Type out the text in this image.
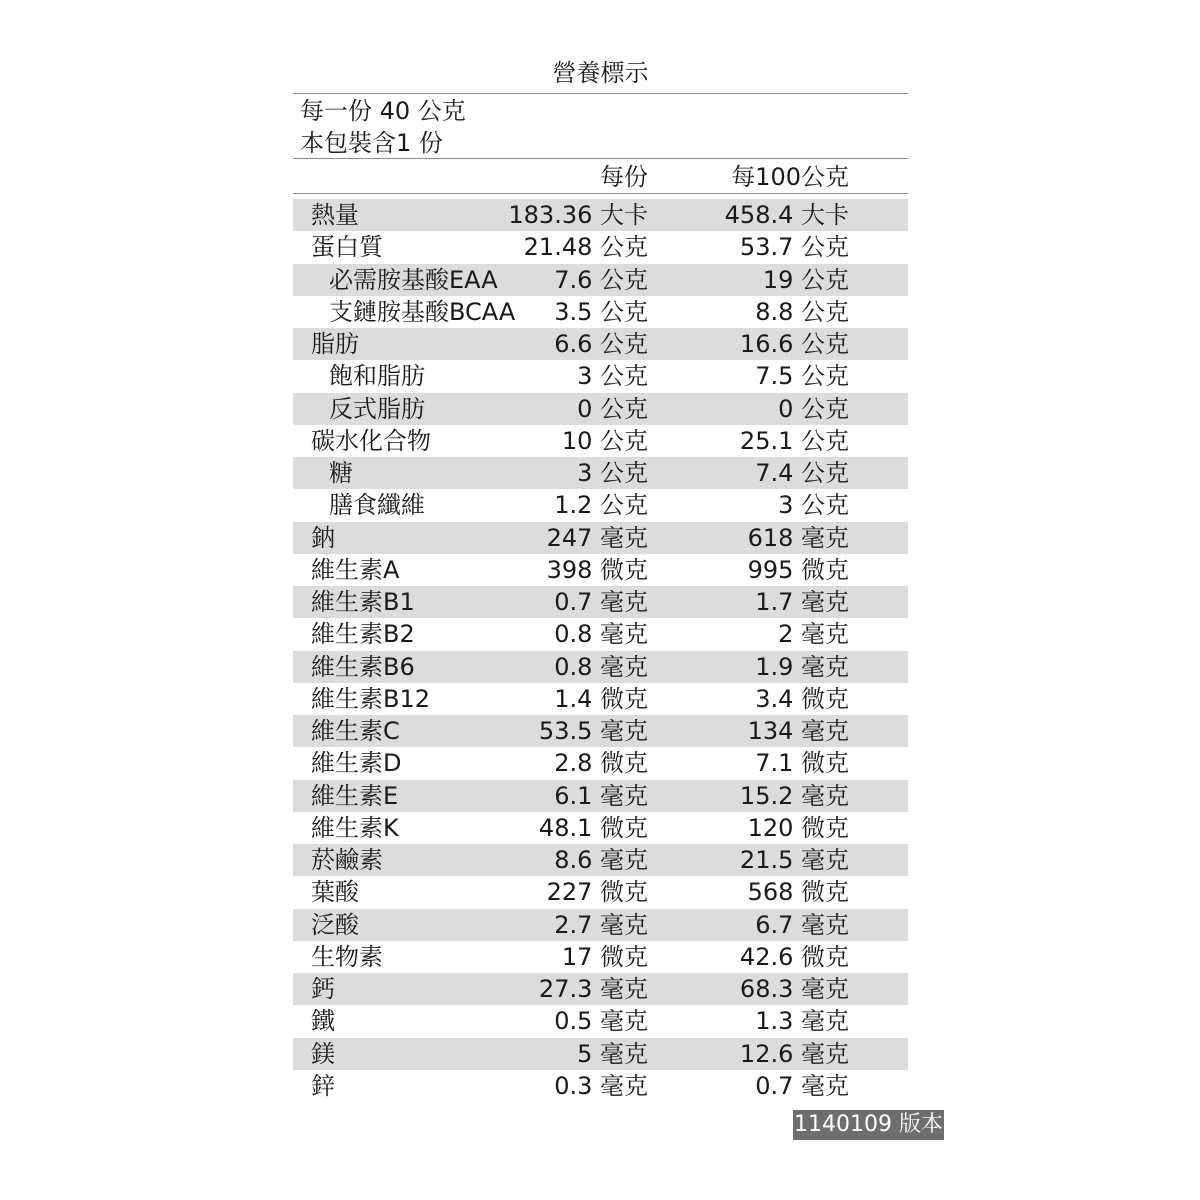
營養標示
每一份 40 公克
本包裝含1 份
每份	每100公克
熱量	183.36 大卡	458.4 大卡
蛋白質	21.48 公克	53.7 公克
必需胺基酸EAA 7.6 公克	19 公克
支鏈胺基酸BCAA 3.5 公克	8.8 公克
脂肪	6.6 公克	16.6 公克
飽和脂肪	3 公克	7.5 公克
反式脂肪	0 公克	0 公克
碳水化合物	10 公克	25.1 公克
糖	3 公克	7.4 公克
膳食纖維	1.2 公克	3 公克
鈉	247 毫克	618 毫克
維生素A	398 微克	995 微克
維生素B1	0.7 毫克	1.7 毫克
維生素B2	0.8 毫克	2 毫克
維生素B6	0.8 毫克	1.9 毫克
維生素B12	1.4 微克	3.4 微克
維生素C	53.5 毫克	134 毫克
維生素D	2.8 微克	7.1 微克
維生素E	6.1 毫克	15.2 毫克
維生素K	48.1 微克	120 微克
菸鹼素	8.6 毫克	21.5 毫克
葉酸	227 微克	568 微克
泛酸	2.7 毫克	6.7 毫克
生物素	17 微克	42.6 微克
鈣	27.3 毫克	68.3 毫克
鐵	0.5 毫克	1.3 毫克
鎂	5 毫克	12.6 毫克
鋅	0.3 毫克	0.7 毫克
1140109 版本
